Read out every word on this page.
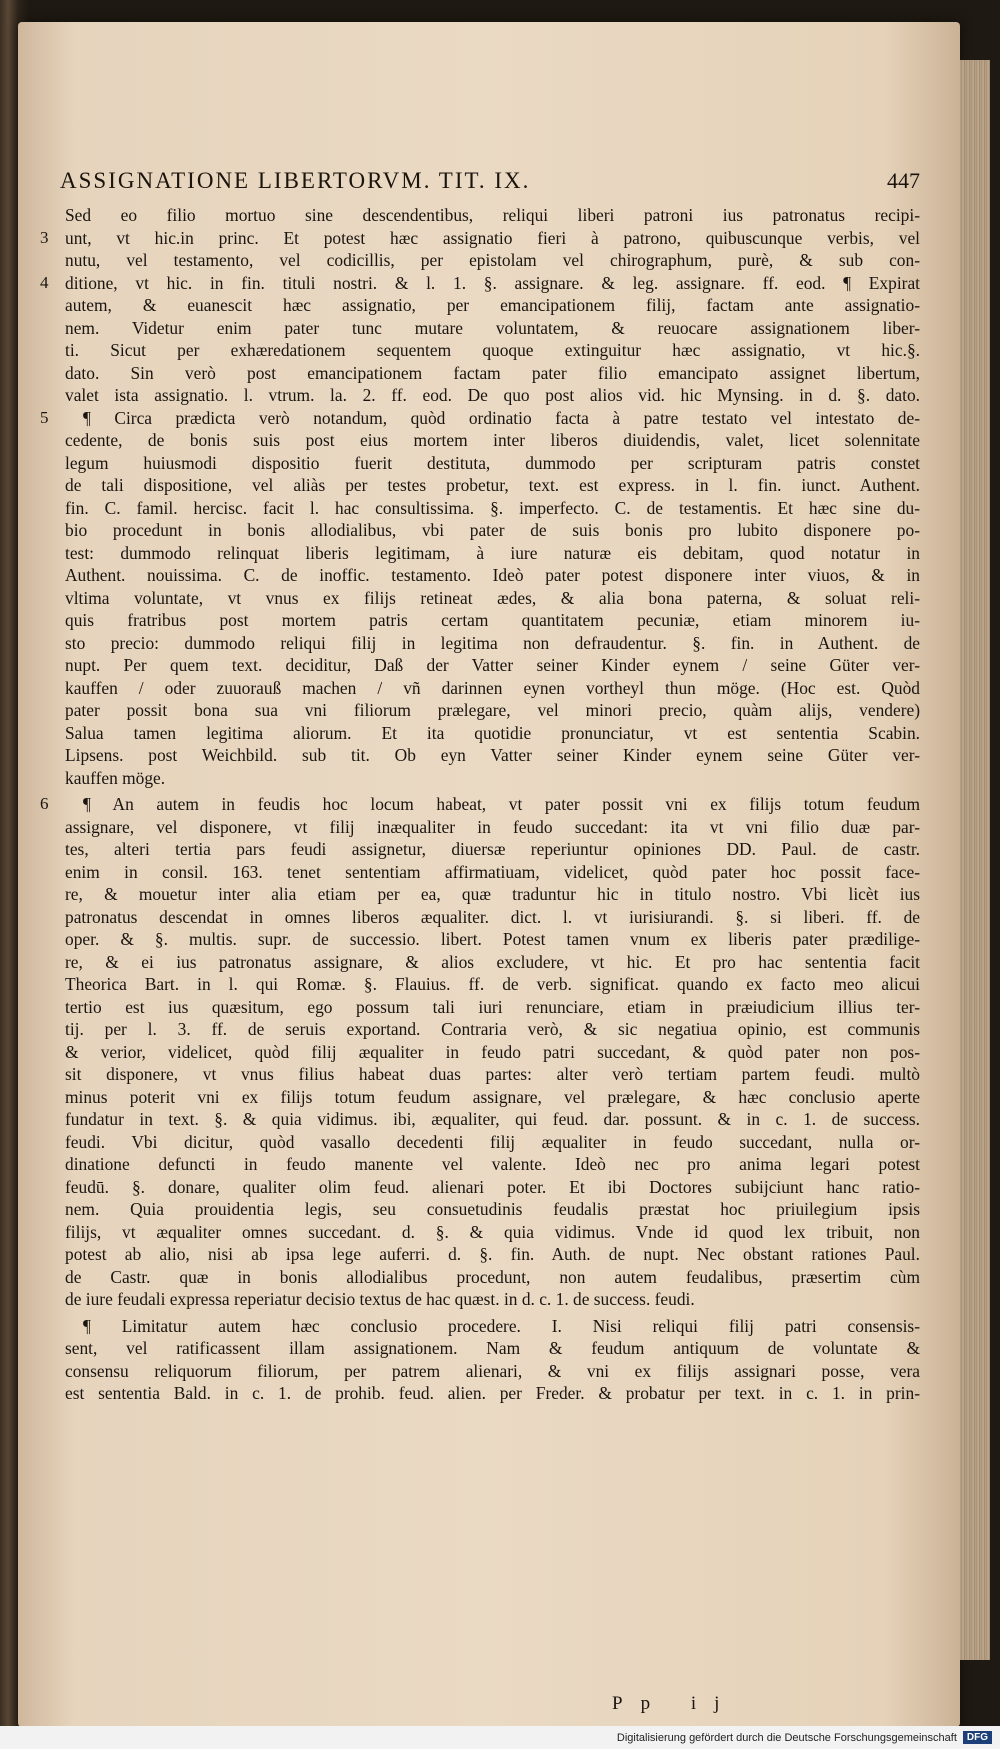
ASSIGNATIONE LIBERTORVM. TIT. IX.	447
Sed eo filio mortuo sine descendentibus, reliqui liberi patroni ius patronatus recipi-
unt, vt hic.in princ. Et potest hæc assignatio fieri à patrono, quibuscunque verbis, vel
3
nutu, vel testamento, vel codicillis, per epistolam vel chirographum, purè, & sub con-
ditione, vt hic. in fin. tituli nostri. & l. 1. §. assignare. & leg. assignare. ff. eod. ¶ Expirat
4
autem, & euanescit hæc assignatio, per emancipationem filij, factam ante assignatio-
nem. Videtur enim pater tunc mutare voluntatem, & reuocare assignationem liber-
ti. Sicut per exhæredationem sequentem quoque extinguitur hæc assignatio, vt hic.§.
dato. Sin verò post emancipationem factam pater filio emancipato assignet libertum,
valet ista assignatio. l. vtrum. la. 2. ff. eod. De quo post alios vid. hic Mynsing. in d. §. dato.
¶ Circa prædicta verò notandum, quòd ordinatio facta à patre testato vel intestato de-
5
cedente, de bonis suis post eius mortem inter liberos diuidendis, valet, licet solennitate
legum huiusmodi dispositio fuerit destituta, dummodo per scripturam patris constet
de tali dispositione, vel aliàs per testes probetur, text. est express. in l. fin. iunct. Authent.
fin. C. famil. hercisc. facit l. hac consultissima. §. imperfecto. C. de testamentis. Et hæc sine du-
bio procedunt in bonis allodialibus, vbi pater de suis bonis pro lubito disponere po-
test: dummodo relinquat liberis legitimam, à iure naturæ eis debitam, quod notatur in
Authent. nouissima. C. de inoffic. testamento. Ideò pater potest disponere inter viuos, & in
vltima voluntate, vt vnus ex filijs retineat ædes, & alia bona paterna, & soluat reli-
quis fratribus post mortem patris certam quantitatem pecuniæ, etiam minorem iu-
sto precio: dummodo reliqui filij in legitima non defraudentur. §. fin. in Authent. de
nupt. Per quem text. deciditur, Daß der Vatter seiner Kinder eynem / seine Güter ver-
kauffen / oder zuuorauß machen / vñ darinnen eynen vortheyl thun möge. (Hoc est. Quòd
pater possit bona sua vni filiorum prælegare, vel minori precio, quàm alijs, vendere)
Salua tamen legitima aliorum. Et ita quotidie pronunciatur, vt est sententia Scabin.
Lipsens. post Weichbild. sub tit. Ob eyn Vatter seiner Kinder eynem seine Güter ver-
kauffen möge.
¶ An autem in feudis hoc locum habeat, vt pater possit vni ex filijs totum feudum
6
assignare, vel disponere, vt filij inæqualiter in feudo succedant: ita vt vni filio duæ par-
tes, alteri tertia pars feudi assignetur, diuersæ reperiuntur opiniones DD. Paul. de castr.
enim in consil. 163. tenet sententiam affirmatiuam, videlicet, quòd pater hoc possit face-
re, & mouetur inter alia etiam per ea, quæ traduntur hic in titulo nostro. Vbi licèt ius
patronatus descendat in omnes liberos æqualiter. dict. l. vt iurisiurandi. §. si liberi. ff. de
oper. & §. multis. supr. de successio. libert. Potest tamen vnum ex liberis pater prædilige-
re, & ei ius patronatus assignare, & alios excludere, vt hic. Et pro hac sententia facit
Theorica Bart. in l. qui Romæ. §. Flauius. ff. de verb. significat. quando ex facto meo alicui
tertio est ius quæsitum, ego possum tali iuri renunciare, etiam in præiudicium illius ter-
tij. per l. 3. ff. de seruis exportand. Contraria verò, & sic negatiua opinio, est communis
& verior, videlicet, quòd filij æqualiter in feudo patri succedant, & quòd pater non pos-
sit disponere, vt vnus filius habeat duas partes: alter verò tertiam partem feudi. multò
minus poterit vni ex filijs totum feudum assignare, vel prælegare, & hæc conclusio aperte
fundatur in text. §. & quia vidimus. ibi, æqualiter, qui feud. dar. possunt. & in c. 1. de success.
feudi. Vbi dicitur, quòd vasallo decedenti filij æqualiter in feudo succedant, nulla or-
dinatione defuncti in feudo manente vel valente. Ideò nec pro anima legari potest
feudū. §. donare, qualiter olim feud. alienari poter. Et ibi Doctores subijciunt hanc ratio-
nem. Quia prouidentia legis, seu consuetudinis feudalis præstat hoc priuilegium ipsis
filijs, vt æqualiter omnes succedant. d. §. & quia vidimus. Vnde id quod lex tribuit, non
potest ab alio, nisi ab ipsa lege auferri. d. §. fin. Auth. de nupt. Nec obstant rationes Paul.
de Castr. quæ in bonis allodialibus procedunt, non autem feudalibus, præsertim cùm
de iure feudali expressa reperiatur decisio textus de hac quæst. in d. c. 1. de success. feudi.
¶ Limitatur autem hæc conclusio procedere. I. Nisi reliqui filij patri consensis-
sent, vel ratificassent illam assignationem. Nam & feudum antiquum de voluntate &
consensu reliquorum filiorum, per patrem alienari, & vni ex filijs assignari posse, vera
est sententia Bald. in c. 1. de prohib. feud. alien. per Freder. & probatur per text. in c. 1. in prin-
Pp ij
Digitalisierung gefördert durch die Deutsche Forschungsgemeinschaft	DFG
